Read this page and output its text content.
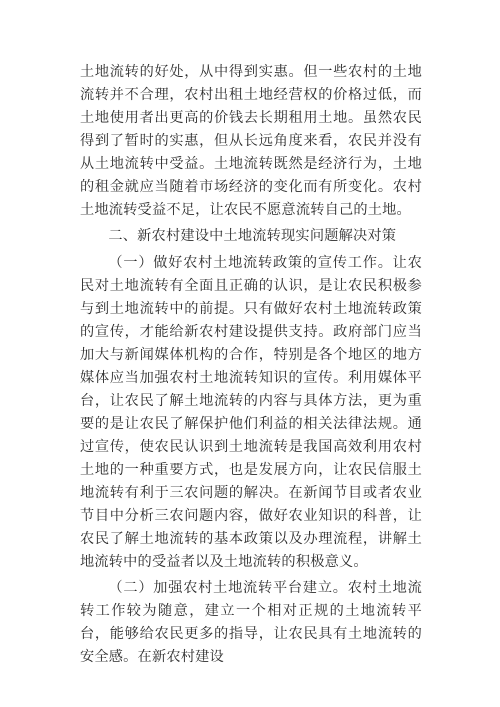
土地流转的好处，从中得到实惠。但一些农村的土地流转并不合理，农村出租土地经营权的价格过低，而土地使用者出更高的价钱去长期租用土地。虽然农民得到了暂时的实惠，但从长远角度来看，农民并没有从土地流转中受益。土地流转既然是经济行为，土地的租金就应当随着市场经济的变化而有所变化。农村土地流转受益不足，让农民不愿意流转自己的土地。

二、新农村建设中土地流转现实问题解决对策

（一）做好农村土地流转政策的宣传工作。让农民对土地流转有全面且正确的认识，是让农民积极参与到土地流转中的前提。只有做好农村土地流转政策的宣传，才能给新农村建设提供支持。政府部门应当加大与新闻媒体机构的合作，特别是各个地区的地方媒体应当加强农村土地流转知识的宣传。利用媒体平台，让农民了解土地流转的内容与具体方法，更为重要的是让农民了解保护他们利益的相关法律法规。通过宣传，使农民认识到土地流转是我国高效利用农村土地的一种重要方式，也是发展方向，让农民信服土地流转有利于三农问题的解决。在新闻节目或者农业节目中分析三农问题内容，做好农业知识的科普，让农民了解土地流转的基本政策以及办理流程，讲解土地流转中的受益者以及土地流转的积极意义。

（二）加强农村土地流转平台建立。农村土地流转工作较为随意，建立一个相对正规的土地流转平台，能够给农民更多的指导，让农民具有土地流转的安全感。在新农村建设
